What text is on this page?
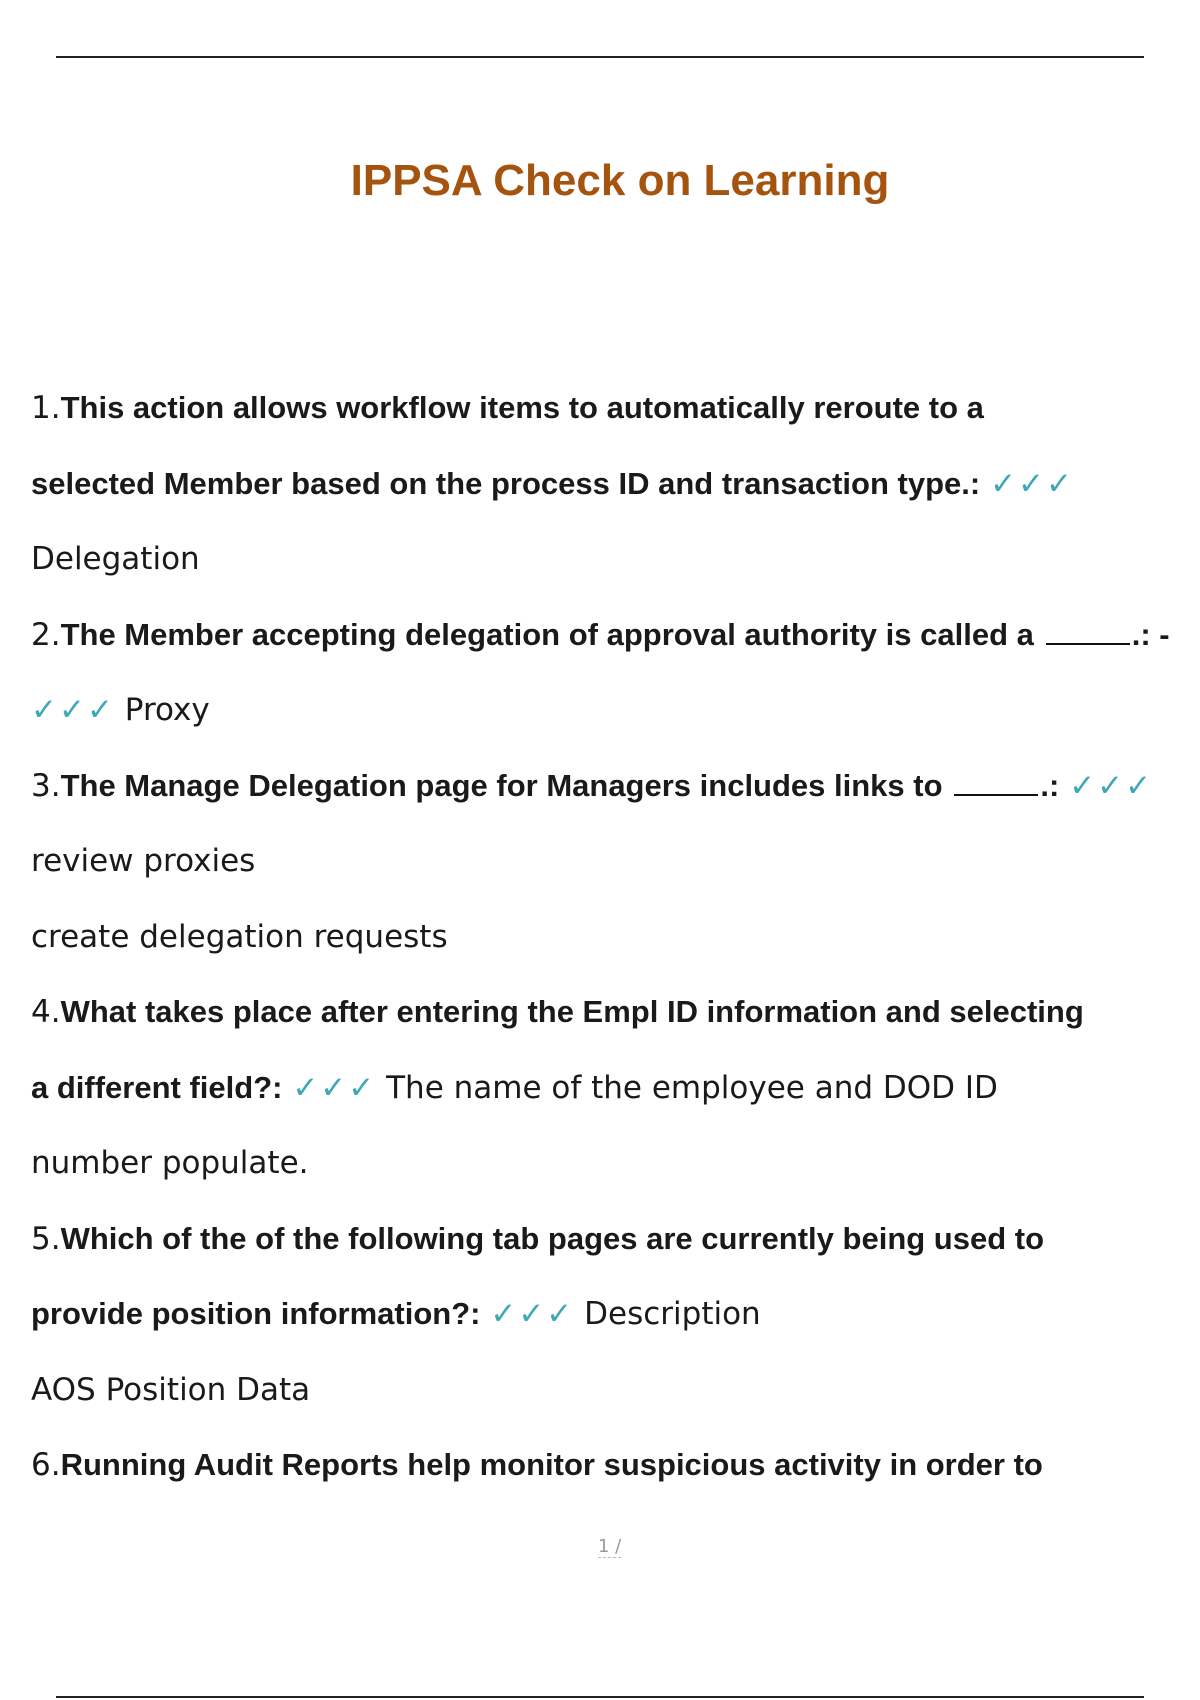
IPPSA Check on Learning
1.This action allows workflow items to automatically reroute to a
selected Member based on the process ID and transaction type.: ✓✓✓
Delegation
2.The Member accepting delegation of approval authority is called a	.: -
✓✓✓ Proxy
3.The Manage Delegation page for Managers includes links to	.: ✓✓✓
review proxies
create delegation requests
4.What takes place after entering the Empl ID information and selecting
a different field?: ✓✓✓ The name of the employee and DOD ID
number populate.
5.Which of the of the following tab pages are currently being used to
provide position information?: ✓✓✓ Description
AOS Position Data
6.Running Audit Reports help monitor suspicious activity in order to
1 /
